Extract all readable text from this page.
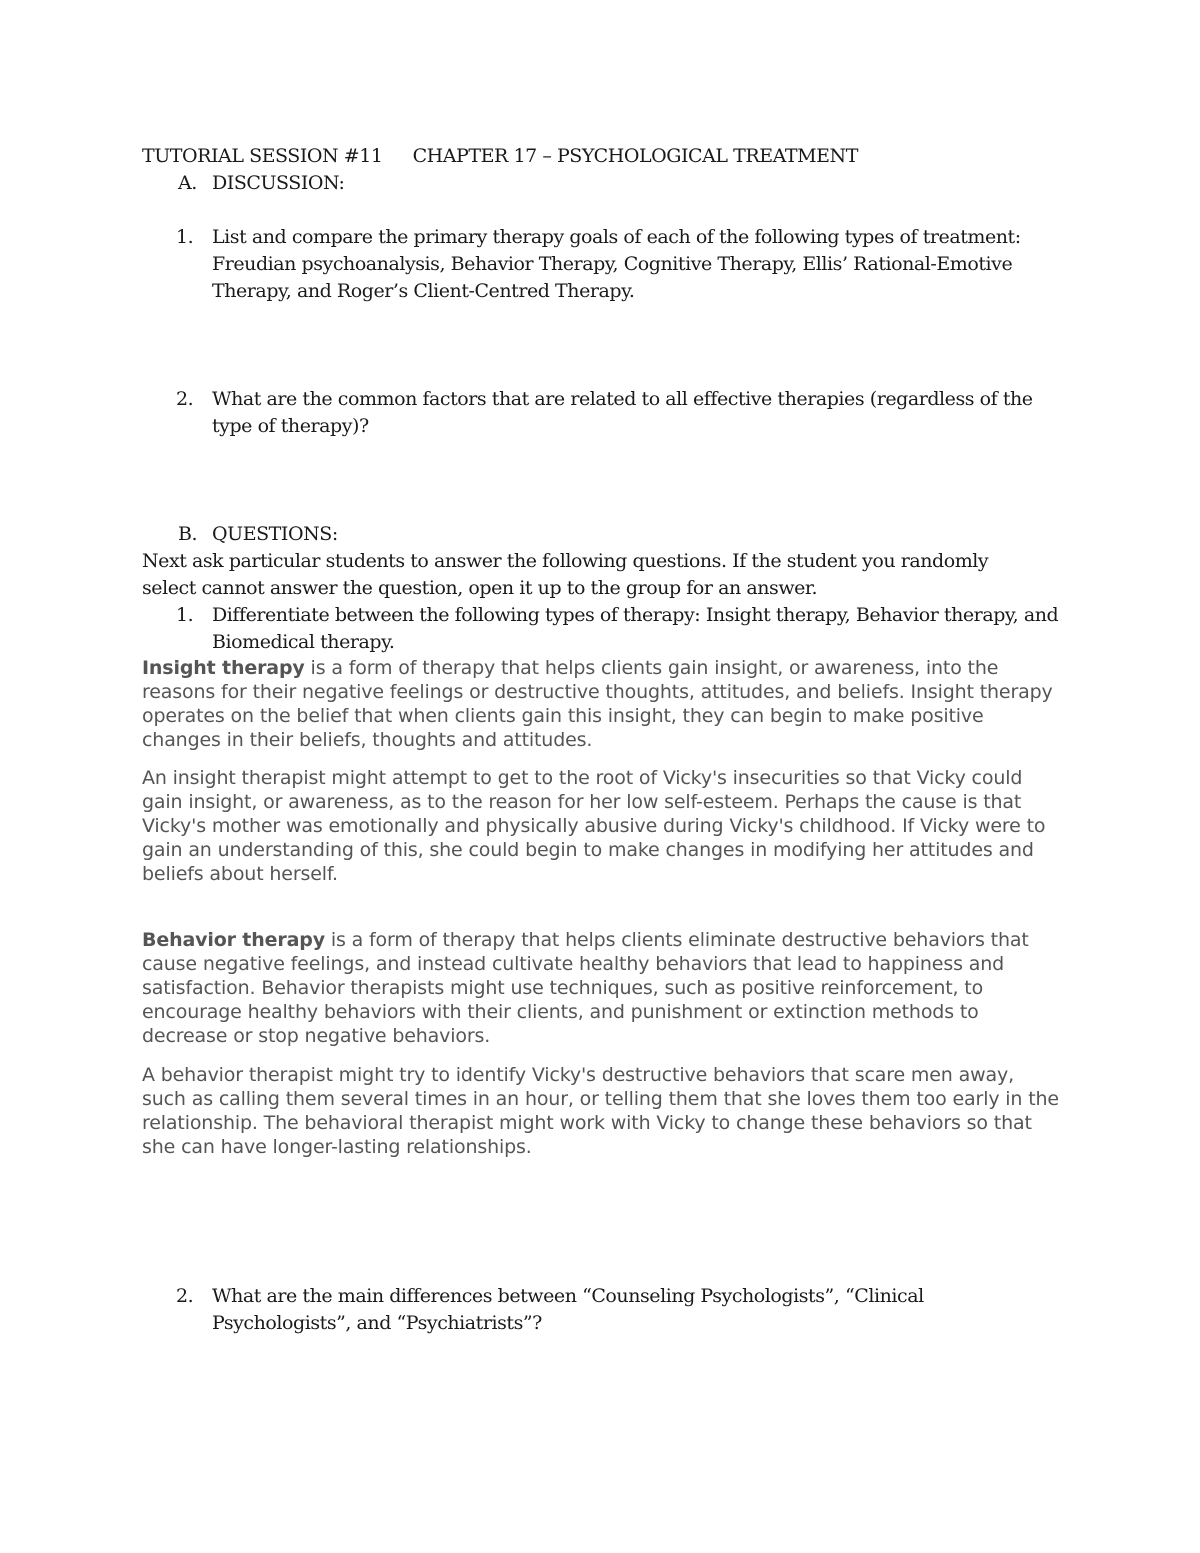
TUTORIAL SESSION #11 CHAPTER 17 – PSYCHOLOGICAL TREATMENT
A. DISCUSSION:
1. List and compare the primary therapy goals of each of the following types of treatment: Freudian psychoanalysis, Behavior Therapy, Cognitive Therapy, Ellis’ Rational-Emotive Therapy, and Roger’s Client-Centred Therapy.

2. What are the common factors that are related to all effective therapies (regardless of the type of therapy)?

B. QUESTIONS:

Next ask particular students to answer the following questions. If the student you randomly select cannot answer the question, open it up to the group for an answer.

1. Differentiate between the following types of therapy: Insight therapy, Behavior therapy, and Biomedical therapy.

Insight therapy is a form of therapy that helps clients gain insight, or awareness, into the reasons for their negative feelings or destructive thoughts, attitudes, and beliefs. Insight therapy operates on the belief that when clients gain this insight, they can begin to make positive changes in their beliefs, thoughts and attitudes.

An insight therapist might attempt to get to the root of Vicky's insecurities so that Vicky could gain insight, or awareness, as to the reason for her low self-esteem. Perhaps the cause is that Vicky's mother was emotionally and physically abusive during Vicky's childhood. If Vicky were to gain an understanding of this, she could begin to make changes in modifying her attitudes and beliefs about herself.

Behavior therapy is a form of therapy that helps clients eliminate destructive behaviors that cause negative feelings, and instead cultivate healthy behaviors that lead to happiness and satisfaction. Behavior therapists might use techniques, such as positive reinforcement, to encourage healthy behaviors with their clients, and punishment or extinction methods to decrease or stop negative behaviors.

A behavior therapist might try to identify Vicky's destructive behaviors that scare men away, such as calling them several times in an hour, or telling them that she loves them too early in the relationship. The behavioral therapist might work with Vicky to change these behaviors so that she can have longer-lasting relationships.

2. What are the main differences between “Counseling Psychologists”, “Clinical Psychologists”, and “Psychiatrists”?
